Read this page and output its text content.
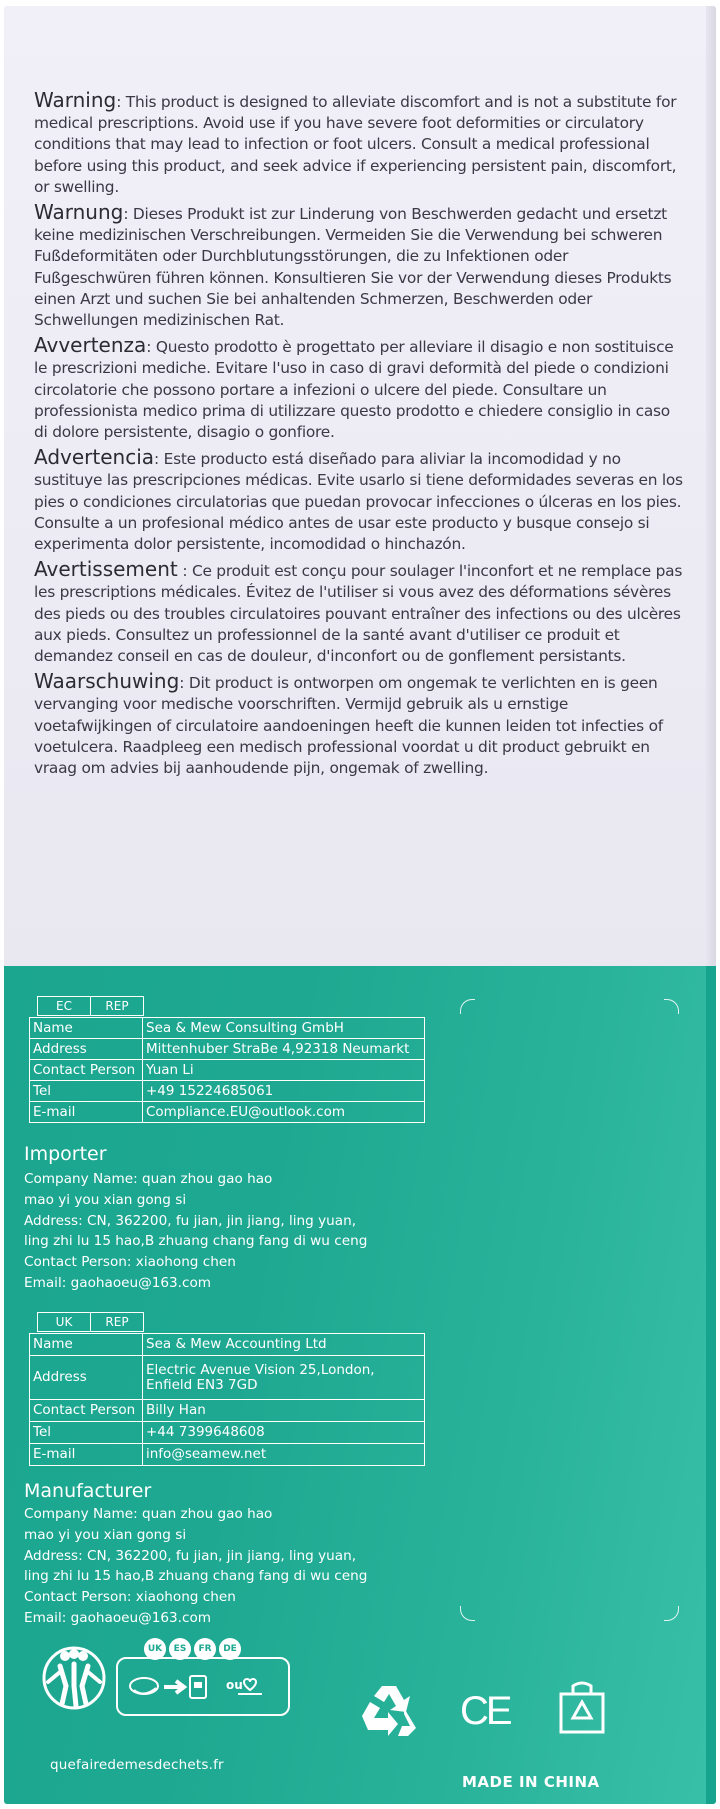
Warning: This product is designed to alleviate discomfort and is not a substitute for medical prescriptions. Avoid use if you have severe foot deformities or circulatory conditions that may lead to infection or foot ulcers. Consult a medical professional before using this product, and seek advice if experiencing persistent pain, discomfort, or swelling.

Warnung: Dieses Produkt ist zur Linderung von Beschwerden gedacht und ersetzt keine medizinischen Verschreibungen. Vermeiden Sie die Verwendung bei schweren Fußdeformitäten oder Durchblutungsstörungen, die zu Infektionen oder Fußgeschwüren führen können. Konsultieren Sie vor der Verwendung dieses Produkts einen Arzt und suchen Sie bei anhaltenden Schmerzen, Beschwerden oder Schwellungen medizinischen Rat.

Avvertenza: Questo prodotto è progettato per alleviare il disagio e non sostituisce le prescrizioni mediche. Evitare l'uso in caso di gravi deformità del piede o condizioni circolatorie che possono portare a infezioni o ulcere del piede. Consultare un professionista medico prima di utilizzare questo prodotto e chiedere consiglio in caso di dolore persistente, disagio o gonfiore.

Advertencia: Este producto está diseñado para aliviar la incomodidad y no sustituye las prescripciones médicas. Evite usarlo si tiene deformidades severas en los pies o condiciones circulatorias que puedan provocar infecciones o úlceras en los pies. Consulte a un profesional médico antes de usar este producto y busque consejo si experimenta dolor persistente, incomodidad o hinchazón.

Avertissement : Ce produit est conçu pour soulager l'inconfort et ne remplace pas les prescriptions médicales. Évitez de l'utiliser si vous avez des déformations sévères des pieds ou des troubles circulatoires pouvant entraîner des infections ou des ulcères aux pieds. Consultez un professionnel de la santé avant d'utiliser ce produit et demandez conseil en cas de douleur, d'inconfort ou de gonflement persistants.

Waarschuwing: Dit product is ontworpen om ongemak te verlichten en is geen vervanging voor medische voorschriften. Vermijd gebruik als u ernstige voetafwijkingen of circulatoire aandoeningen heeft die kunnen leiden tot infecties of voetulcera. Raadpleeg een medisch professional voordat u dit product gebruikt en vraag om advies bij aanhoudende pijn, ongemak of zwelling.

EC	REP
Name	Sea & Mew Consulting GmbH
Address	Mittenhuber StraBe 4,92318 Neumarkt
Contact Person	Yuan Li
Tel	+49 15224685061
E-mail	Compliance.EU@outlook.com

Importer

Company Name: quan zhou gao hao
mao yi you xian gong si
Address: CN, 362200, fu jian, jin jiang, ling yuan,
ling zhi lu 15 hao,B zhuang chang fang di wu ceng
Contact Person: xiaohong chen
Email: gaohaoeu@163.com
UK	REP
Name	Sea & Mew Accounting Ltd
Address	Electric Avenue Vision 25,London,
Enfield EN3 7GD

Contact Person	Billy Han
Tel	+44 7399648608
E-mail	info@seamew.net

Manufacturer

Company Name: quan zhou gao hao
mao yi you xian gong si
Address: CN, 362200, fu jian, jin jiang, ling yuan,
ling zhi lu 15 hao,B zhuang chang fang di wu ceng
Contact Person: xiaohong chen
Email: gaohaoeu@163.com
UK	ES	FR	DE
ou
quefairedemesdechets.fr
CE
MADE IN CHINA
